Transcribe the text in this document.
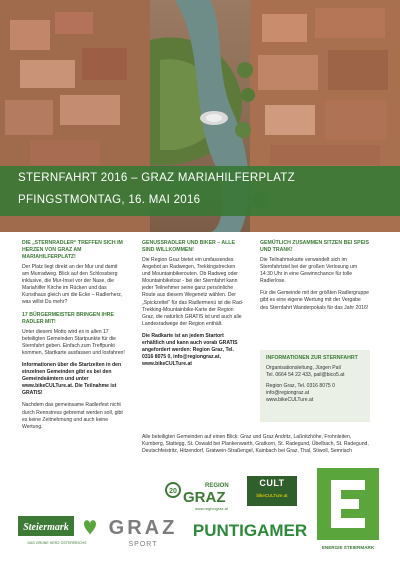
STERNFAHRT 2016 – GRAZ MARIAHILFERPLATZ
PFINGSTMONTAG, 16. MAI 2016
DIE „STERNRADLER“ TREFFEN SICH IM HERZEN VON GRAZ AM MARIAHILFERPLATZ!
Der Platz liegt direkt an der Mur und damit am Murradweg. Blick auf den Schlossberg inklusive, die Mur-Insel vor der Nase, die Mariahilfer Kirche im Rücken und das Kunsthaus gleich um die Ecke – Radlerherz, was willst Du mehr?
17 BÜRGERMEISTER BRINGEN IHRE RADLER MIT!
Unter diesem Motto wird es in allen 17 beteiligten Gemeinden Startpunkte für die Sternfahrt geben. Einfach zum Treffpunkt kommen, Startkarte ausfassen und losfahren!
Informationen über die Startzeiten in den einzelnen Gemeinden gibt es bei den Gemeindeämtern und unter www.bikeCULTure.at. Die Teilnahme ist GRATIS!
Nachdem das gemeinsame Radlerfest nicht durch Rennstress gebremst werden soll, gibt es keine Zeitnehmung und auch keine Wertung.
GENUSSRADLER UND BIKER – ALLE SIND WILLKOMMEN!
Die Region Graz bietet ein umfassendes Angebot an Radwegen, Trekkingstrecken und Mountainbikerouten. Ob Radweg oder Mountainbiketour - bei der Sternfahrt kann jeder Teilnehmer seine ganz persönliche Route aus diesem Wegenetz wählen. Der „Spickzettel“ für das Radlermenü ist die Rad-Trekking-Mountainbike-Karte der Region Graz, die natürlich GRATIS ist und auch alle Landesradwege der Region enthält.
Die Radkarte ist an jedem Startort erhältlich und kann auch vorab GRATIS angefordert werden: Region Graz, Tel. 0316 8075 0, info@regiongraz.at, www.bikeCULTure.at
GEMÜTLICH ZUSAMMEN SITZEN BEI SPEIS UND TRANK!
Die Teilnahmekarte verwandelt sich im Sternfahrtziel bei der großen Verlosung um 14:30 Uhr in eine Gewinnchance für tolle Radlerlose.
Für die Gemeinde mit der größten Radlergruppe gibt es eine eigene Wertung mit der Vergabe des Sternfahrt Wanderpokals für das Jahr 2016!
INFORMATIONEN ZUR STERNFAHRT
Organisationsleitung, Jürgen Pail
Tel. 0664 54 22 433, pail@bico5.at
Region Graz, Tel. 0316 8075 0
info@regiongraz.at
www.bikeCULTure.at
Alle beteiligten Gemeinden auf einen Blick: Graz und Graz Andritz, Laßnitzhöhe, Frohnleiten, Kumberg, Stattegg, St. Oswald bei Plankenwarth, Gratkorn, St. Radegund, Übelbach, St. Radegund, Deutschfeistritz, Hitzendorf, Gratwein-Straßengel, Kainbach bei Graz, Thal, Stiwoll, Semriach
20
REGION
GRAZ
www.regiongraz.at
CULT
bikeCULTure.at
ENERGIE STEIERMARK
Steiermark
DAS GRÜNE HERZ ÖSTERREICHS
GRAZ
SPORT
PUNTIGAMER
